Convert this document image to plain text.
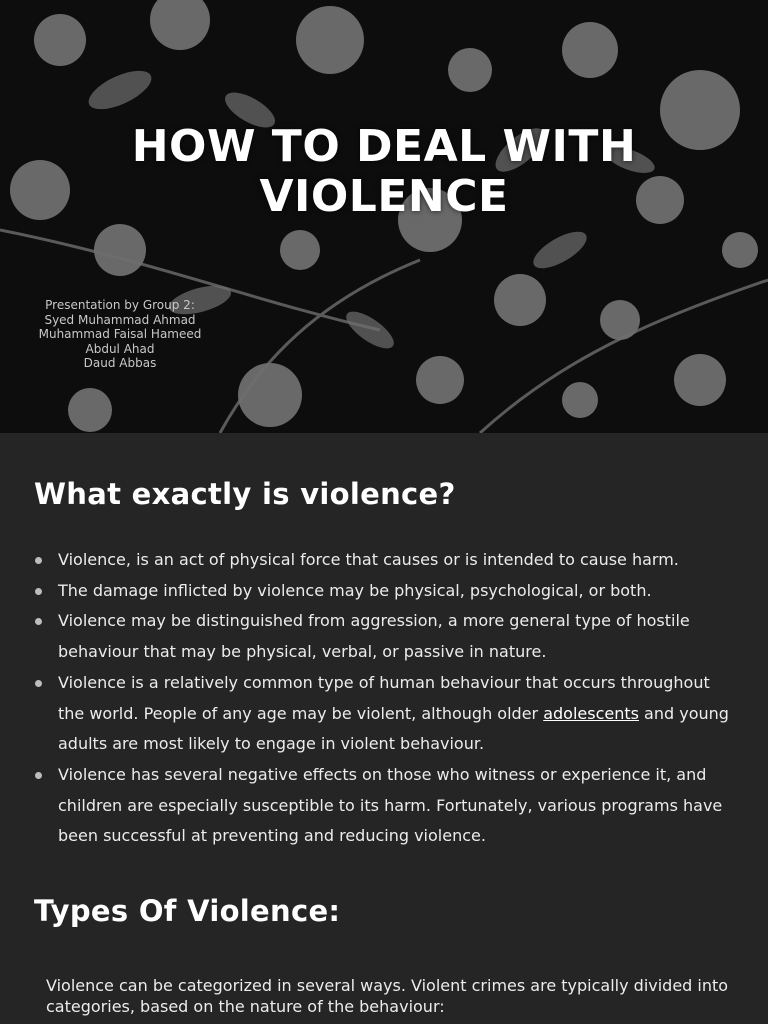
HOW TO DEAL WITH
VIOLENCE
Presentation by Group 2:
Syed Muhammad Ahmad
Muhammad Faisal Hameed
Abdul Ahad
Daud Abbas
What exactly is violence?
Violence, is an act of physical force that causes or is intended to cause harm.
The damage inflicted by violence may be physical, psychological, or both.
Violence may be distinguished from aggression, a more general type of hostile behaviour that may be physical, verbal, or passive in nature.
Violence is a relatively common type of human behaviour that occurs throughout the world. People of any age may be violent, although older adolescents and young adults are most likely to engage in violent behaviour.
Violence has several negative effects on those who witness or experience it, and children are especially susceptible to its harm. Fortunately, various programs have been successful at preventing and reducing violence.
Types Of Violence:

Violence can be categorized in several ways. Violent crimes are typically divided into categories, based on the nature of the behaviour:
